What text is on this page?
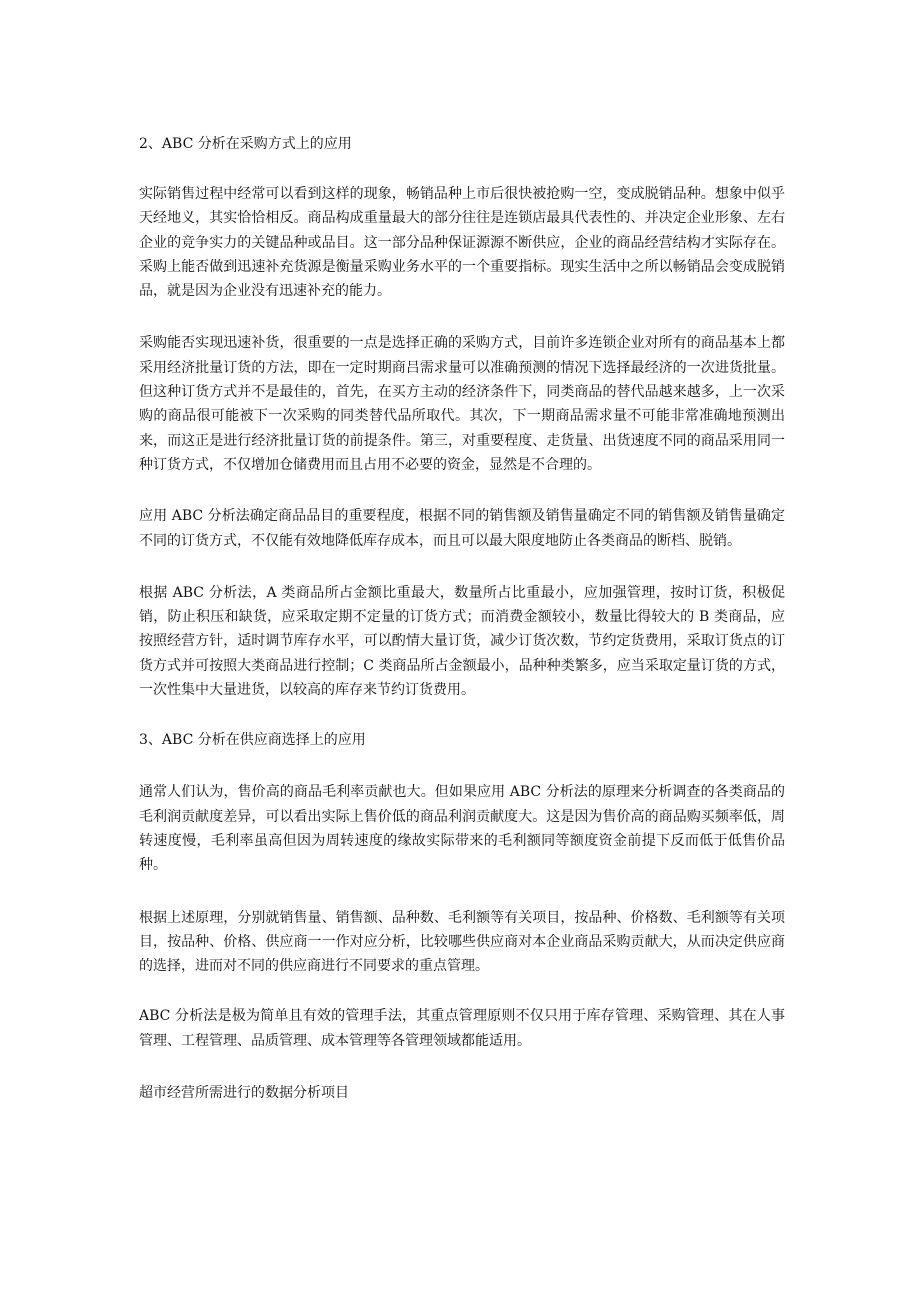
2、ABC 分析在采购方式上的应用

实际销售过程中经常可以看到这样的现象，畅销品种上市后很快被抢购一空，变成脱销品种。想象中似乎天经地义，其实恰恰相反。商品构成重量最大的部分往往是连锁店最具代表性的、并决定企业形象、左右企业的竞争实力的关键品种或品目。这一部分品种保证源源不断供应，企业的商品经营结构才实际存在。采购上能否做到迅速补充货源是衡量采购业务水平的一个重要指标。现实生活中之所以畅销品会变成脱销品，就是因为企业没有迅速补充的能力。

采购能否实现迅速补货，很重要的一点是选择正确的采购方式，目前许多连锁企业对所有的商品基本上都采用经济批量订货的方法，即在一定时期商吕需求量可以准确预测的情况下选择最经济的一次进货批量。但这种订货方式并不是最佳的，首先，在买方主动的经济条件下，同类商品的替代品越来越多，上一次采购的商品很可能被下一次采购的同类替代品所取代。其次，下一期商品需求量不可能非常准确地预测出来，而这正是进行经济批量订货的前提条件。第三，对重要程度、走货量、出货速度不同的商品采用同一种订货方式，不仅增加仓储费用而且占用不必要的资金，显然是不合理的。

应用 ABC 分析法确定商品品目的重要程度，根据不同的销售额及销售量确定不同的销售额及销售量确定不同的订货方式，不仅能有效地降低库存成本，而且可以最大限度地防止各类商品的断档、脱销。

根据 ABC 分析法，A 类商品所占金额比重最大，数量所占比重最小，应加强管理，按时订货，积极促销，防止积压和缺货，应采取定期不定量的订货方式；而消费金额较小，数量比得较大的 B 类商品，应按照经营方针，适时调节库存水平，可以酌情大量订货，减少订货次数，节约定货费用，采取订货点的订货方式并可按照大类商品进行控制；C 类商品所占金额最小，品种种类繁多，应当采取定量订货的方式，一次性集中大量进货，以较高的库存来节约订货费用。

3、ABC 分析在供应商选择上的应用

通常人们认为，售价高的商品毛利率贡献也大。但如果应用 ABC 分析法的原理来分析调查的各类商品的毛利润贡献度差异，可以看出实际上售价低的商品利润贡献度大。这是因为售价高的商品购买频率低，周转速度慢，毛利率虽高但因为周转速度的缘故实际带来的毛利额同等额度资金前提下反而低于低售价品种。

根据上述原理，分别就销售量、销售额、品种数、毛利额等有关项目，按品种、价格数、毛利额等有关项目，按品种、价格、供应商一一作对应分析，比较哪些供应商对本企业商品采购贡献大，从而决定供应商的选择，进而对不同的供应商进行不同要求的重点管理。

ABC 分析法是极为简单且有效的管理手法，其重点管理原则不仅只用于库存管理、采购管理、其在人事管理、工程管理、品质管理、成本管理等各管理领域都能适用。

超市经营所需进行的数据分析项目
